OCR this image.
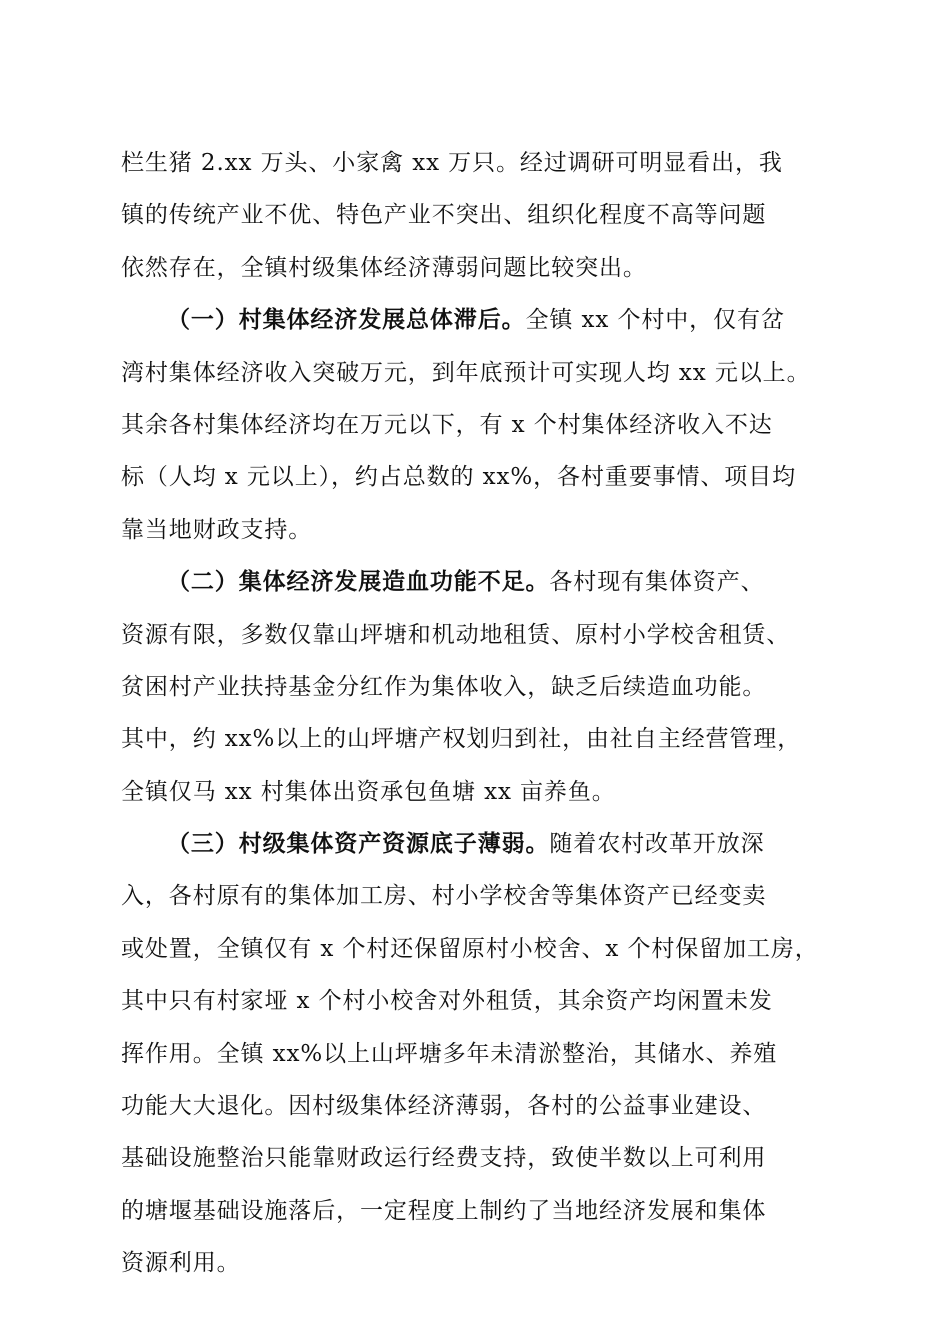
栏生猪 2.xx 万头、小家禽 xx 万只。经过调研可明显看出，我
镇的传统产业不优、特色产业不突出、组织化程度不高等问题
依然存在，全镇村级集体经济薄弱问题比较突出。
（一）村集体经济发展总体滞后。全镇 xx 个村中，仅有岔
湾村集体经济收入突破万元，到年底预计可实现人均 xx 元以上。
其余各村集体经济均在万元以下，有 x 个村集体经济收入不达
标（人均 x 元以上），约占总数的 xx%，各村重要事情、项目均
靠当地财政支持。
（二）集体经济发展造血功能不足。各村现有集体资产、
资源有限，多数仅靠山坪塘和机动地租赁、原村小学校舍租赁、
贫困村产业扶持基金分红作为集体收入，缺乏后续造血功能。
其中，约 xx%以上的山坪塘产权划归到社，由社自主经营管理，
全镇仅马 xx 村集体出资承包鱼塘 xx 亩养鱼。
（三）村级集体资产资源底子薄弱。随着农村改革开放深
入，各村原有的集体加工房、村小学校舍等集体资产已经变卖
或处置，全镇仅有 x 个村还保留原村小校舍、x 个村保留加工房，
其中只有村家垭 x 个村小校舍对外租赁，其余资产均闲置未发
挥作用。全镇 xx%以上山坪塘多年未清淤整治，其储水、养殖
功能大大退化。因村级集体经济薄弱，各村的公益事业建设、
基础设施整治只能靠财政运行经费支持，致使半数以上可利用
的塘堰基础设施落后，一定程度上制约了当地经济发展和集体
资源利用。
